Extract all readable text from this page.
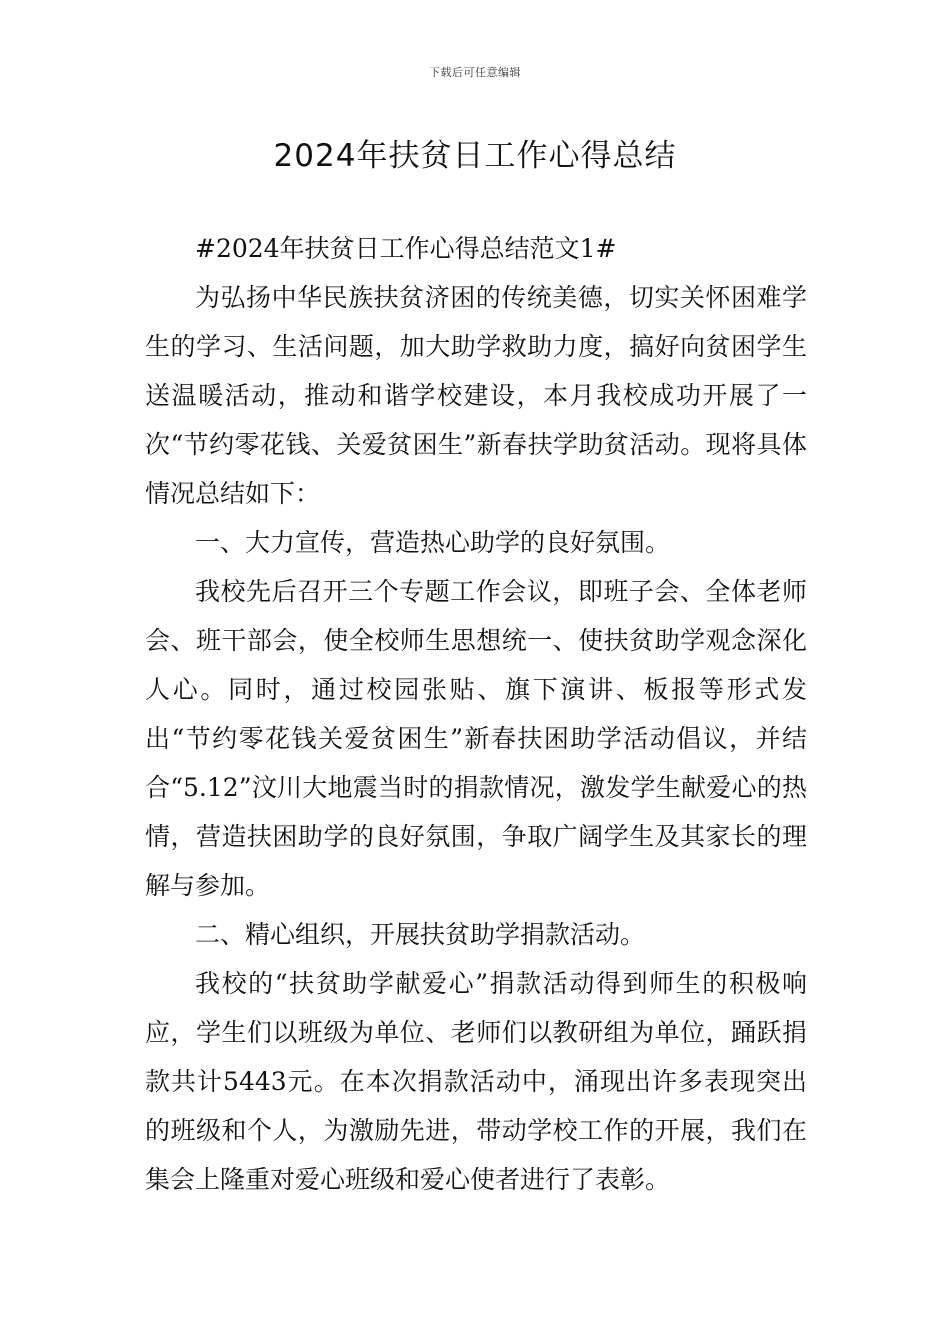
下载后可任意编辑
2024年扶贫日工作心得总结

#2024年扶贫日工作心得总结范文1#

为弘扬中华民族扶贫济困的传统美德，切实关怀困难学生的学习、生活问题，加大助学救助力度，搞好向贫困学生送温暖活动，推动和谐学校建设，本月我校成功开展了一次“节约零花钱、关爱贫困生”新春扶学助贫活动。现将具体情况总结如下：

一、大力宣传，营造热心助学的良好氛围。

我校先后召开三个专题工作会议，即班子会、全体老师会、班干部会，使全校师生思想统一、使扶贫助学观念深化人心。同时，通过校园张贴、旗下演讲、板报等形式发出“节约零花钱关爱贫困生”新春扶困助学活动倡议，并结合“5.12”汶川大地震当时的捐款情况，激发学生献爱心的热情，营造扶困助学的良好氛围，争取广阔学生及其家长的理解与参加。

二、精心组织，开展扶贫助学捐款活动。

我校的“扶贫助学献爱心”捐款活动得到师生的积极响应，学生们以班级为单位、老师们以教研组为单位，踊跃捐款共计5443元。在本次捐款活动中，涌现出许多表现突出的班级和个人，为激励先进，带动学校工作的开展，我们在集会上隆重对爱心班级和爱心使者进行了表彰。
